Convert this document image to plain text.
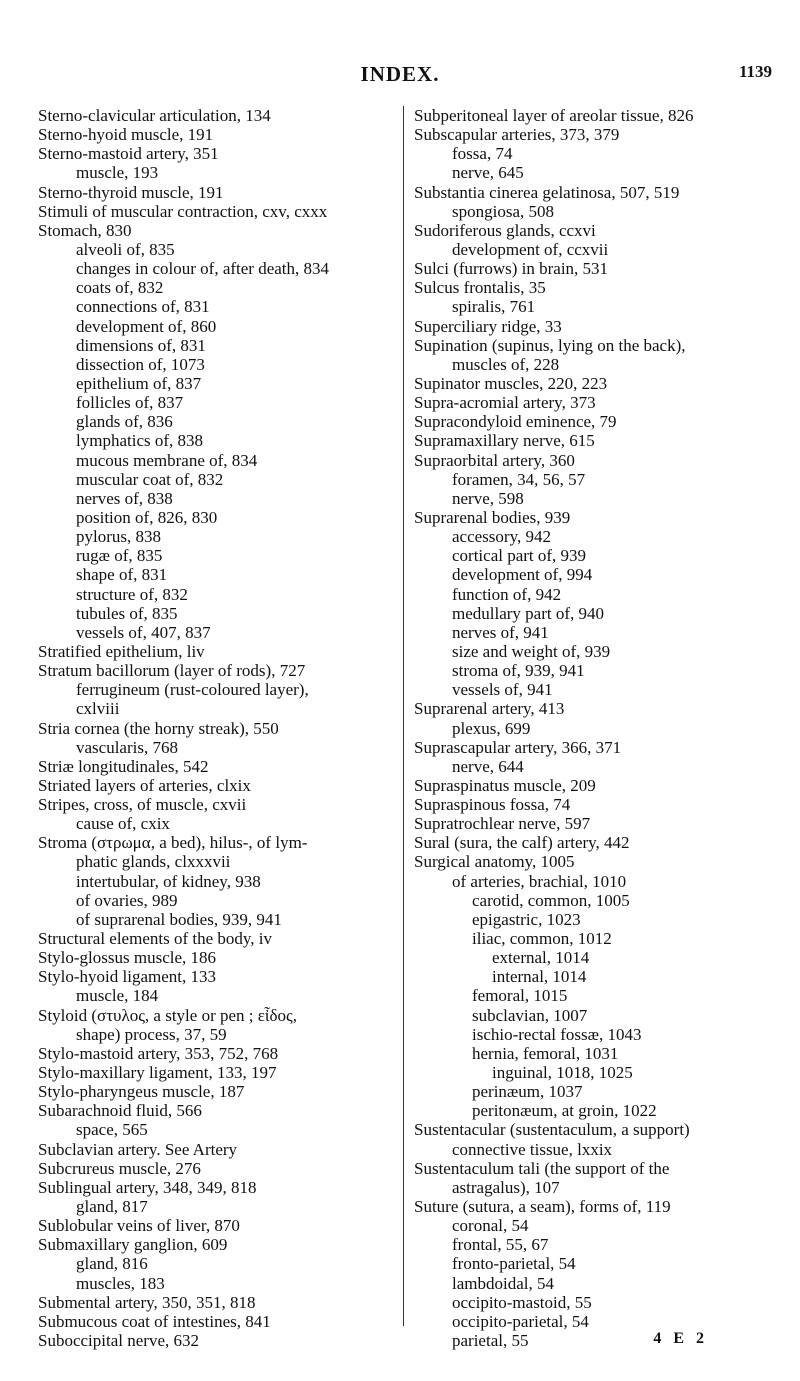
INDEX.	1139
Sterno-clavicular articulation, 134
Sterno-hyoid muscle, 191
Sterno-mastoid artery, 351
muscle, 193
Sterno-thyroid muscle, 191
Stimuli of muscular contraction, cxv, cxxx
Stomach, 830
alveoli of, 835
changes in colour of, after death, 834
coats of, 832
connections of, 831
development of, 860
dimensions of, 831
dissection of, 1073
epithelium of, 837
follicles of, 837
glands of, 836
lymphatics of, 838
mucous membrane of, 834
muscular coat of, 832
nerves of, 838
position of, 826, 830
pylorus, 838
rugæ of, 835
shape of, 831
structure of, 832
tubules of, 835
vessels of, 407, 837
Stratified epithelium, liv
Stratum bacillorum (layer of rods), 727
ferrugineum (rust-coloured layer),
cxlviii
Stria cornea (the horny streak), 550
vascularis, 768
Striæ longitudinales, 542
Striated layers of arteries, clxix
Stripes, cross, of muscle, cxvii
cause of, cxix
Stroma (στρωμα, a bed), hilus-, of lym-
phatic glands, clxxxvii
intertubular, of kidney, 938
of ovaries, 989
of suprarenal bodies, 939, 941
Structural elements of the body, iv
Stylo-glossus muscle, 186
Stylo-hyoid ligament, 133
muscle, 184
Styloid (στυλος, a style or pen ; εἶδος,
shape) process, 37, 59
Stylo-mastoid artery, 353, 752, 768
Stylo-maxillary ligament, 133, 197
Stylo-pharyngeus muscle, 187
Subarachnoid fluid, 566
space, 565
Subclavian artery. See Artery
Subcrureus muscle, 276
Sublingual artery, 348, 349, 818
gland, 817
Sublobular veins of liver, 870
Submaxillary ganglion, 609
gland, 816
muscles, 183
Submental artery, 350, 351, 818
Submucous coat of intestines, 841
Suboccipital nerve, 632
Subperitoneal layer of areolar tissue, 826
Subscapular arteries, 373, 379
fossa, 74
nerve, 645
Substantia cinerea gelatinosa, 507, 519
spongiosa, 508
Sudoriferous glands, ccxvi
development of, ccxvii
Sulci (furrows) in brain, 531
Sulcus frontalis, 35
spiralis, 761
Superciliary ridge, 33
Supination (supinus, lying on the back),
muscles of, 228
Supinator muscles, 220, 223
Supra-acromial artery, 373
Supracondyloid eminence, 79
Supramaxillary nerve, 615
Supraorbital artery, 360
foramen, 34, 56, 57
nerve, 598
Suprarenal bodies, 939
accessory, 942
cortical part of, 939
development of, 994
function of, 942
medullary part of, 940
nerves of, 941
size and weight of, 939
stroma of, 939, 941
vessels of, 941
Suprarenal artery, 413
plexus, 699
Suprascapular artery, 366, 371
nerve, 644
Supraspinatus muscle, 209
Supraspinous fossa, 74
Supratrochlear nerve, 597
Sural (sura, the calf) artery, 442
Surgical anatomy, 1005
of arteries, brachial, 1010
carotid, common, 1005
epigastric, 1023
iliac, common, 1012
external, 1014
internal, 1014
femoral, 1015
subclavian, 1007
ischio-rectal fossæ, 1043
hernia, femoral, 1031
inguinal, 1018, 1025
perinæum, 1037
peritonæum, at groin, 1022
Sustentacular (sustentaculum, a support)
connective tissue, lxxix
Sustentaculum tali (the support of the
astragalus), 107
Suture (sutura, a seam), forms of, 119
coronal, 54
frontal, 55, 67
fronto-parietal, 54
lambdoidal, 54
occipito-mastoid, 55
occipito-parietal, 54
parietal, 55	4 E 2
